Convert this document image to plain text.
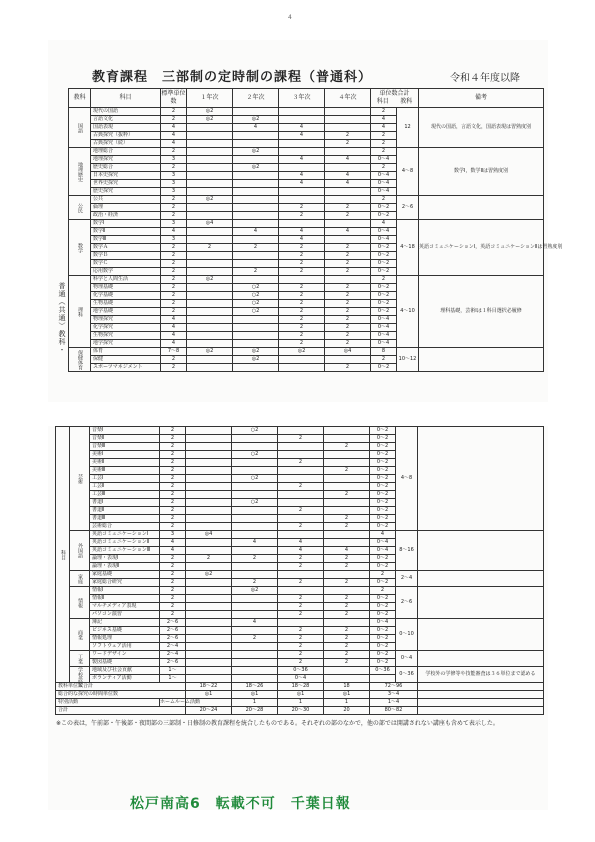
4
教育課程　三部制の定時制の課程（普通科）	令和４年度以降
教科	科目	標準単位数	１年次	２年次	３年次	４年次	単位数合計
科目 教科		備考
国語	現代の国語	2	◎2				2	12	現代の国語，言語文化，国語表現は習熟度別
	言語文化	2	◎2	◎2			4		
	国語表現	4		4	4		4		
	古典探究（抜粋）	4			4	2	2		
	古典探究（続）	4				2	2		
地理歴史	地理総合	2		◎2			2	4〜8	数学Ⅰ，数学Ⅱは習熟度別
	地理探究	3			4	4	0〜4		
	歴史総合	2		◎2			2		
	日本史探究	3			4	4	0〜4		
	世界史探究	3			4	4	0〜4		
	歴史探究	3					0〜4		
公民	公共	2	◎2				2	2〜6	
	倫理	2			2	2	0〜2		
	政治・経済	2			2	2	0〜2		
数学	数学Ⅰ	3	◎4				4	4〜18	英語コミュニケーションⅠ，英語コミュニケーションⅡは習熟度別
	数学Ⅱ	4		4	4	4	0〜4		
	数学Ⅲ	3			4		0〜4		
	数学Ａ	2	2	2	2	2	0〜2		
	数学Ｂ	2			2	2	0〜2		
	数学Ｃ	2			2	2	0〜2		
	応用数学	2		2	2	2	0〜2		
理科	科学と人間生活	2	◎2				2	4〜10	理科基礎，芸術Ⅰは１科目選択必履修
	物理基礎	2		○2	2	2	0〜2		
	化学基礎	2		○2	2	2	0〜2		
	生物基礎	2		○2	2	2	0〜2		
	地学基礎	2		○2	2	2	0〜2		
	物理探究	4			2	2	0〜4		
	化学探究	4			2	2	0〜4		
	生物探究	4			2	2	0〜4		
	地学探究	4			2	2	0〜4		
保健体育	体育	7〜8	◎2	◎2	◎2	◎4	8	10〜12	
	保健	2		◎2			2		
	スポーツマネジメント	2				2	0〜2		
普通（共通）教科・
科目	芸術	音楽Ⅰ	2		○2			0〜2	4〜8	
		音楽Ⅱ	2			2		0〜2		
		音楽Ⅲ	2				2	0〜2		
		美術Ⅰ	2		○2			0〜2		
		美術Ⅱ	2			2		0〜2		
		美術Ⅲ	2				2	0〜2		
		工芸Ⅰ	2		○2			0〜2		
		工芸Ⅱ	2			2		0〜2		
		工芸Ⅲ	2				2	0〜2		
		書道Ⅰ	2		○2			0〜2		
		書道Ⅱ	2			2		0〜2		
		書道Ⅲ	2				2	0〜2		
		芸術総合	2			2	2	0〜2		
	外国語	英語コミュニケーションⅠ	3	◎4				4	8〜16	
		英語コミュニケーションⅡ	4		4	4		0〜4		
		英語コミュニケーションⅢ	4			4	4	0〜4		
		論理・表現Ⅰ	2	2	2	2	2	0〜2		
		論理・表現Ⅱ	2			2	2	0〜2		
	家庭	家庭基礎	2	◎2				2	2〜4	
		家庭総合研究	2		2	2	2	0〜2		
	情報	情報Ⅰ	2		◎2			2	2〜6	
		情報Ⅱ	2			2	2	0〜2		
		マルチメディア表現	2			2	2	0〜2		
		パソコン演習	2			2	2	0〜2		
	商業	簿記	2〜6		4			0〜4	0〜10	
		ビジネス基礎	2〜6			2	2	0〜2		
		情報処理	2〜6		2	2	2	0〜2		
		ソフトウェア活用	2〜4			2	2	0〜2		
	工業	ワードデザイン	2〜4			2	2	0〜2	0〜4	
		製図基礎	2〜6			2	2	0〜2		
	学校設定	地域及び社会貢献	1〜			0〜36		0〜36	0〜36	学校外の学修等や技能審査は３６単位まで認める
		ボランティア活動	1〜			0〜4				
教科単位数合計				18〜22	18〜26	18〜28	18	72〜96		
総合的な探究の時間単位数				◎1	◎1	◎1	◎1	3〜4		
特別活動			ホームルーム活動		1	1	1	1〜4		
合計				20〜24	20〜28	20〜30	20	80〜82		
※この表は，午前部・午後部・夜間部の三部制・日修制の教育課程を統合したものである。それぞれの部のなかで，他の部では開講されない講座も含めて表示した。
松戸南高6　転載不可　千葉日報
